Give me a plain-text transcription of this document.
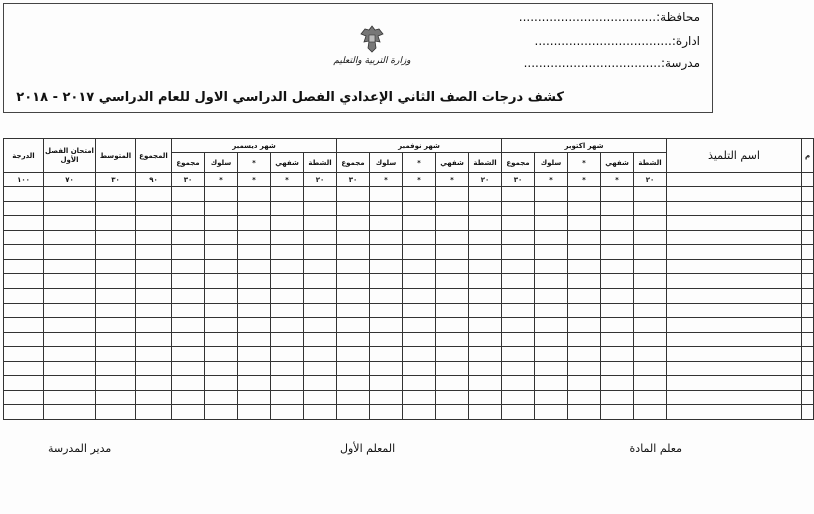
محافظة:....................................
ادارة:....................................
مدرسة:....................................
وزارة التربية والتعليم
كشف درجات الصف الثاني الإعدادي الفصل الدراسي الاول للعام الدراسي ٢٠١٧ - ٢٠١٨
م	اسم التلميذ	شهر اكتوبر					شهر نوفمبر					شهر ديسمبر					المجموع	المتوسط	امتحان الفصل الأول	الدرجة
		الشطة	شفهي	*	سلوك	مجموع	الشطة	شفهي	*	سلوك	مجموع	الشطة	شفهي	*	سلوك	مجموع				
		٢٠	*	*	*	٣٠	٢٠	*	*	*	٣٠	٢٠	*	*	*	٣٠	٩٠	٣٠	٧٠	١٠٠

معلم المادة
المعلم الأول
مدير المدرسة
